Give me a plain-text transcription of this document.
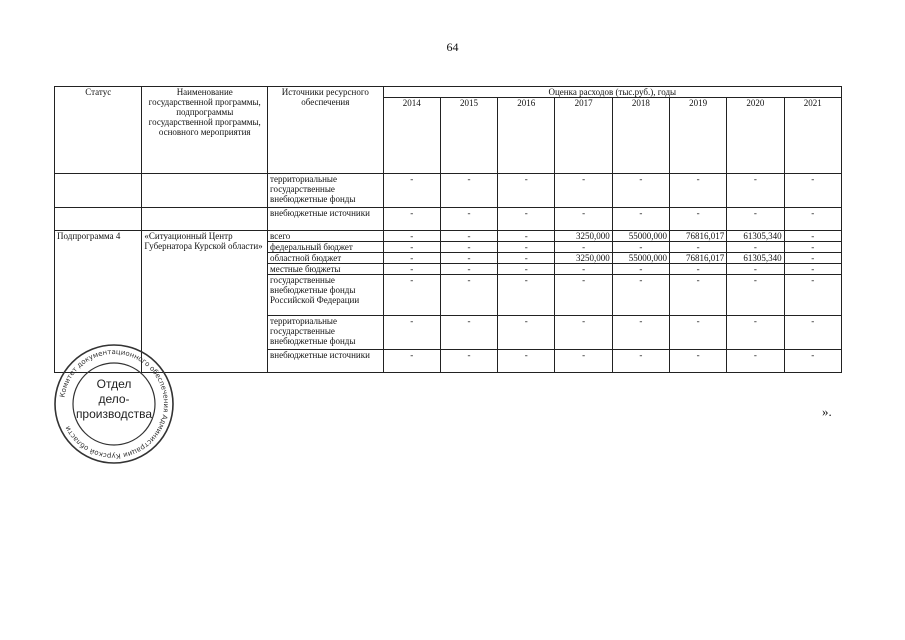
64
Статус	Наименование государственной программы, подпрограммы государственной программы, основного мероприятия	Источники ресурсного обеспечения	Оценка расходов (тыс.руб.), годы							
			2014	2015	2016	2017	2018	2019	2020	2021
		территориальные государственные внебюджетные фонды	-	-	-	-	-	-	-	-
		внебюджетные источники	-	-	-	-	-	-	-	-
Подпрограмма 4	«Ситуационный Центр Губернатора Курской области»	всего	-	-	-	3250,000	55000,000	76816,017	61305,340	-
		федеральный бюджет	-	-	-	-	-	-	-	-
		областной бюджет	-	-	-	3250,000	55000,000	76816,017	61305,340	-
		местные бюджеты	-	-	-	-	-	-	-	-
		государственные внебюджетные фонды Российской Федерации	-	-	-	-	-	-	-	-
		территориальные государственные внебюджетные фонды	-	-	-	-	-	-	-	-
		внебюджетные источники	-	-	-	-	-	-	-	-
».
Комитет документационного обеспечения Администрации Курской области
Отдел
дело-
производства
